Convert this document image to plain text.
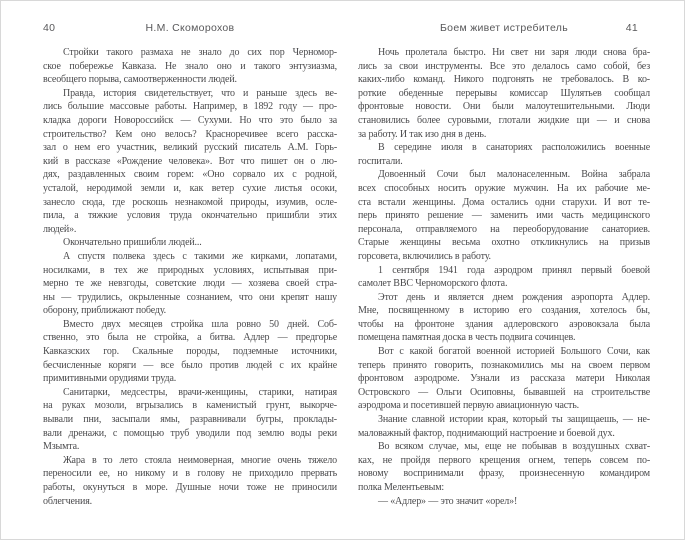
40	Н.М. Скоморохов
Стройки такого размаха не знало до сих пор Черномор-
ское побережье Кавказа. Не знало оно и такого энтузиазма,
всеобщего порыва, самоотверженности людей.
Правда, история свидетельствует, что и раньше здесь ве-
лись большие массовые работы. Например, в 1892 году — про-
кладка дороги Новороссийск — Сухуми. Но что это было за
строительство? Кем оно велось? Красноречивее всего расска-
зал о нем его участник, великий русский писатель А.М. Горь-
кий в рассказе «Рождение человека». Вот что пишет он о лю-
дях, раздавленных своим горем: «Оно сорвало их с родной,
усталой, неродимой земли и, как ветер сухие листья осоки,
занесло сюда, где роскошь незнакомой природы, изумив, осле-
пила, а тяжкие условия труда окончательно пришибли этих
людей».
Окончательно пришибли людей...
А спустя полвека здесь с такими же кирками, лопатами,
носилками, в тех же природных условиях, испытывая при-
мерно те же невзгоды, советские люди — хозяева своей стра-
ны — трудились, окрыленные сознанием, что они крепят нашу
оборону, приближают победу.
Вместо двух месяцев стройка шла ровно 50 дней. Соб-
ственно, это была не стройка, а битва. Адлер — предгорье
Кавказских гор. Скальные породы, подземные источники,
бесчисленные коряги — все было против людей с их крайне
примитивными орудиями труда.
Санитарки, медсестры, врачи-женщины, старики, натирая
на руках мозоли, вгрызались в каменистый грунт, выкорче-
вывали пни, засыпали ямы, разравнивали бугры, проклады-
вали дренажи, с помощью труб уводили под землю воды реки
Мзымта.
Жара в то лето стояла неимоверная, многие очень тяжело
переносили ее, но никому и в голову не приходило прервать
работы, окунуться в море. Душные ночи тоже не приносили
облегчения.
Боем живет истребитель	41
Ночь пролетала быстро. Ни свет ни заря люди снова бра-
лись за свои инструменты. Все это делалось само собой, без
каких-либо команд. Никого подгонять не требовалось. В ко-
роткие обеденные перерывы комиссар Шулятьев сообщал
фронтовые новости. Они были малоутешительными. Люди
становились более суровыми, глотали жидкие щи — и снова
за работу. И так изо дня в день.
В середине июля в санаториях расположились военные
госпитали.
Довоенный Сочи был малонаселенным. Война забрала
всех способных носить оружие мужчин. На их рабочие ме-
ста встали женщины. Дома остались одни старухи. И вот те-
перь принято решение — заменить ими часть медицинского
персонала, отправляемого на переоборудование санаториев.
Старые женщины весьма охотно откликнулись на призыв
горсовета, включились в работу.
1 сентября 1941 года аэродром принял первый боевой
самолет ВВС Черноморского флота.
Этот день и является днем рождения аэропорта Адлер.
Мне, посвященному в историю его создания, хотелось бы,
чтобы на фронтоне здания адлеровского аэровокзала была
помещена памятная доска в честь подвига сочинцев.
Вот с какой богатой военной историей Большого Сочи, как
теперь принято говорить, познакомились мы на своем первом
фронтовом аэродроме. Узнали из рассказа матери Николая
Островского — Ольги Осиповны, бывавшей на строительстве
аэродрома и посетившей первую авиационную часть.
Знание славной истории края, который ты защищаешь, — не-
маловажный фактор, поднимающий настроение и боевой дух.
Во всяком случае, мы, еще не побывав в воздушных схват-
ках, не пройдя первого крещения огнем, теперь совсем по-
новому воспринимали фразу, произнесенную командиром
полка Мелентьевым:
— «Адлер» — это значит «орел»!
